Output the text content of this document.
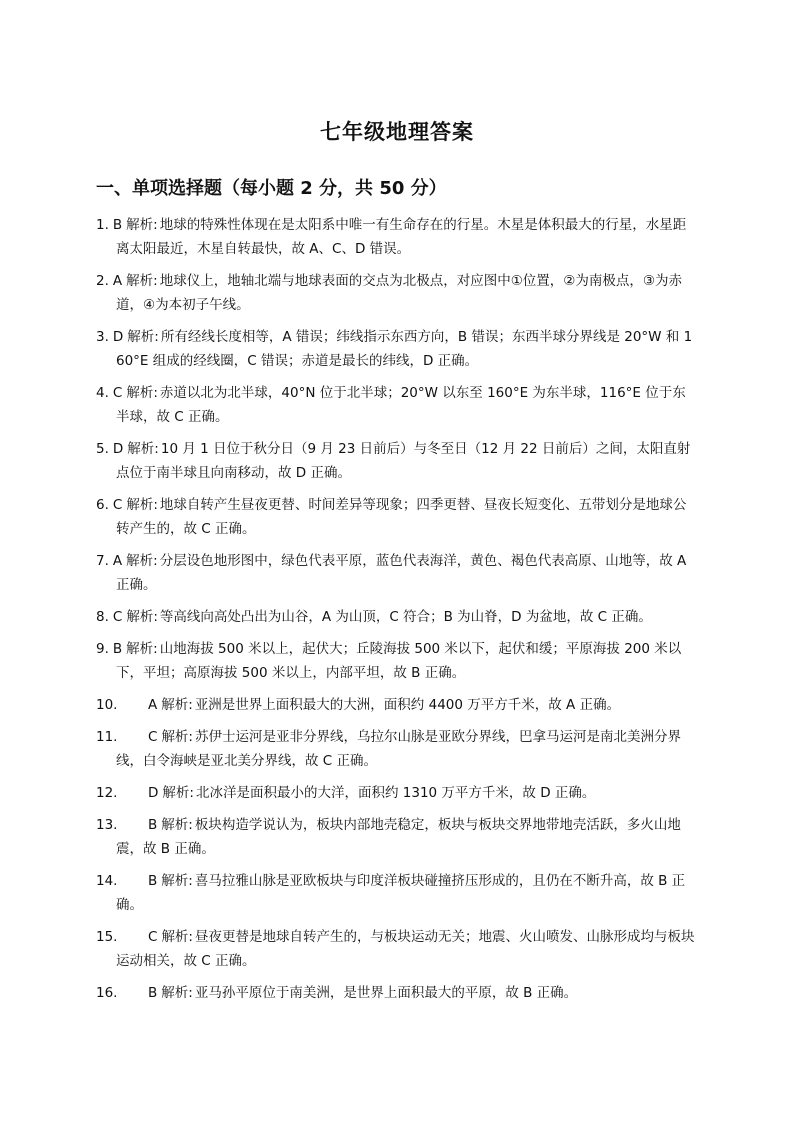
七年级地理答案
一、单项选择题（每小题 2 分，共 50 分）
1. B 解析: 地球的特殊性体现在是太阳系中唯一有生命存在的行星。木星是体积最大的行星，水星距离太阳最近，木星自转最快，故 A、C、D 错误。
2. A 解析: 地球仪上，地轴北端与地球表面的交点为北极点，对应图中①位置，②为南极点，③为赤道，④为本初子午线。
3. D 解析: 所有经线长度相等，A 错误；纬线指示东西方向，B 错误；东西半球分界线是 20°W 和 160°E 组成的经线圈，C 错误；赤道是最长的纬线，D 正确。
4. C 解析: 赤道以北为北半球，40°N 位于北半球；20°W 以东至 160°E 为东半球，116°E 位于东半球，故 C 正确。
5. D 解析: 10 月 1 日位于秋分日（9 月 23 日前后）与冬至日（12 月 22 日前后）之间，太阳直射点位于南半球且向南移动，故 D 正确。
6. C 解析: 地球自转产生昼夜更替、时间差异等现象；四季更替、昼夜长短变化、五带划分是地球公转产生的，故 C 正确。
7. A 解析: 分层设色地形图中，绿色代表平原，蓝色代表海洋，黄色、褐色代表高原、山地等，故 A 正确。
8. C 解析: 等高线向高处凸出为山谷，A 为山顶，C 符合；B 为山脊，D 为盆地，故 C 正确。
9. B 解析: 山地海拔 500 米以上，起伏大；丘陵海拔 500 米以下，起伏和缓；平原海拔 200 米以下，平坦；高原海拔 500 米以上，内部平坦，故 B 正确。
10. A 解析: 亚洲是世界上面积最大的大洲，面积约 4400 万平方千米，故 A 正确。
11. C 解析: 苏伊士运河是亚非分界线，乌拉尔山脉是亚欧分界线，巴拿马运河是南北美洲分界线，白令海峡是亚北美分界线，故 C 正确。
12. D 解析: 北冰洋是面积最小的大洋，面积约 1310 万平方千米，故 D 正确。
13. B 解析: 板块构造学说认为，板块内部地壳稳定，板块与板块交界地带地壳活跃，多火山地震，故 B 正确。
14. B 解析: 喜马拉雅山脉是亚欧板块与印度洋板块碰撞挤压形成的，且仍在不断升高，故 B 正确。
15. C 解析: 昼夜更替是地球自转产生的，与板块运动无关；地震、火山喷发、山脉形成均与板块运动相关，故 C 正确。
16. B 解析: 亚马孙平原位于南美洲，是世界上面积最大的平原，故 B 正确。
